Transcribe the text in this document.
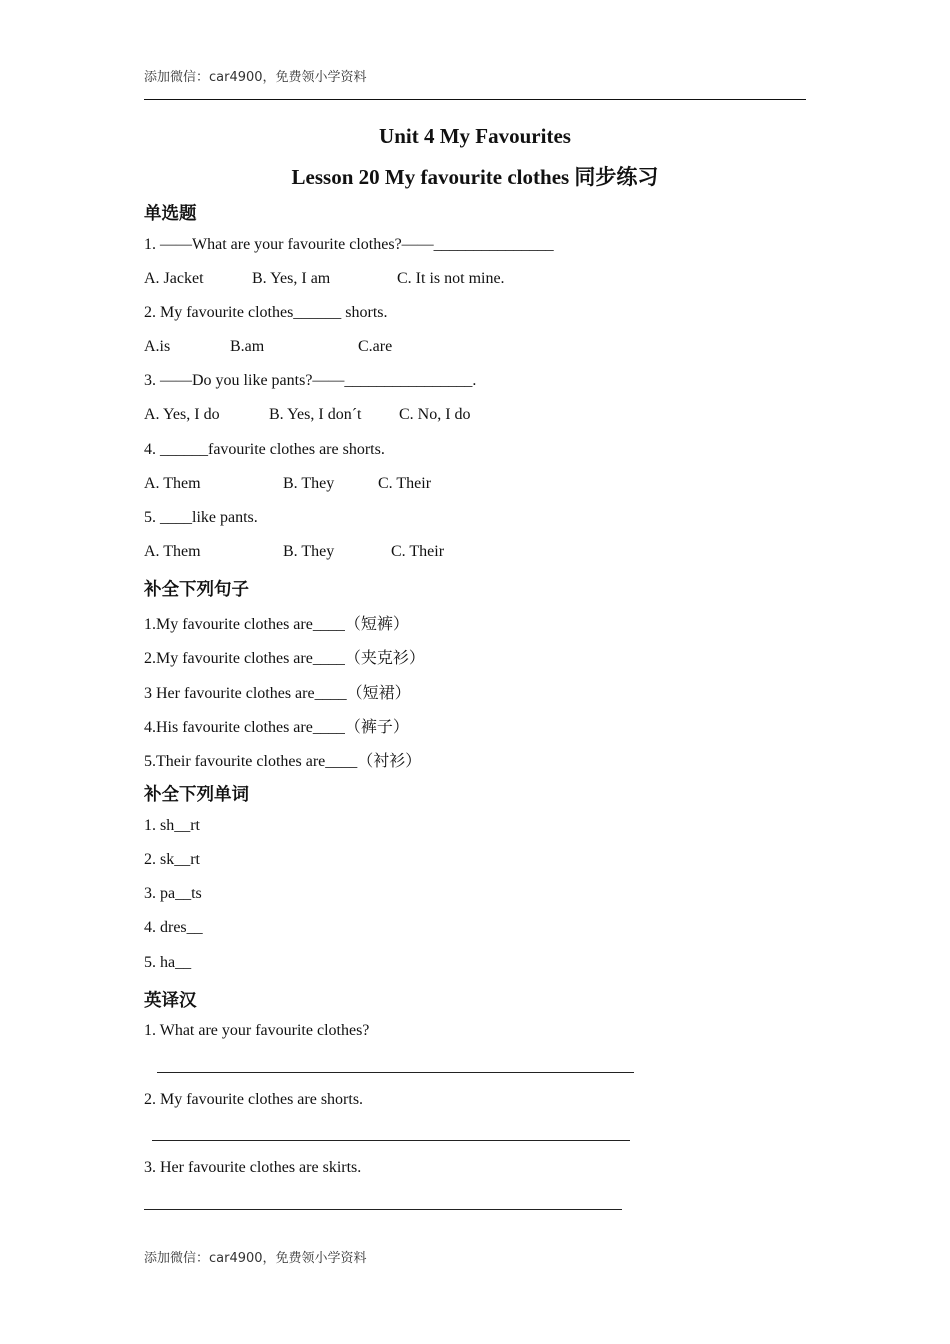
添加微信：car4900，免费领小学资料
Unit 4 My Favourites
Lesson 20 My favourite clothes 同步练习
单选题
1. ——What are your favourite clothes?——_______________
A. Jacket	B. Yes, I am	C. It is not mine.
2. My favourite clothes______ shorts.
A.is	B.am	C.are
3. ——Do you like pants?——________________.
A. Yes, I do	B. Yes, I don´t C. No, I do
4. ______favourite clothes are shorts.
A. Them	B. They	C. Their
5. ____like pants.
A. Them	B. They	C. Their
补全下列句子
1.My favourite clothes are____（短裤）
2.My favourite clothes are____（夹克衫）
3 Her favourite clothes are____（短裙）
4.His favourite clothes are____（裤子）
5.Their favourite clothes are____（衬衫）
补全下列单词
1. sh__rt
2. sk__rt
3. pa__ts
4. dres__
5. ha__
英译汉
1. What are your favourite clothes?
2. My favourite clothes are shorts.
3. Her favourite clothes are skirts.
添加微信：car4900，免费领小学资料
